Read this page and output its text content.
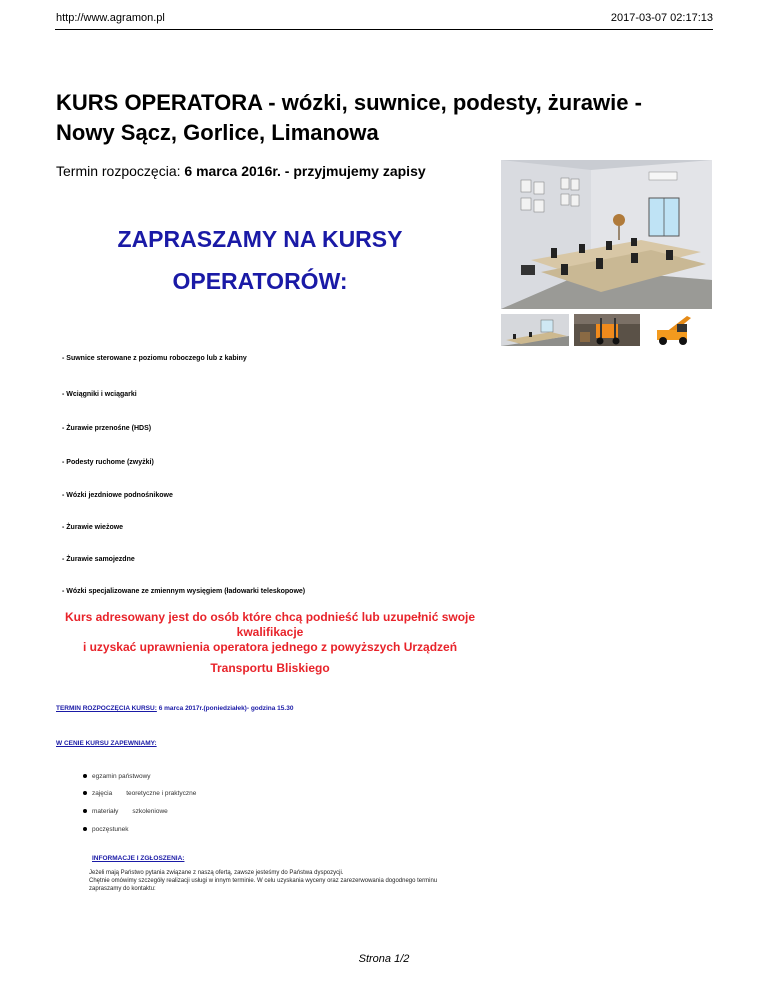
http://www.agramon.pl	2017-03-07 02:17:13
KURS OPERATORA - wózki, suwnice, podesty, żurawie -
Nowy Sącz, Gorlice, Limanowa
Termin rozpoczęcia: 6 marca 2016r. - przyjmujemy zapisy
ZAPRASZAMY NA KURSY
OPERATORÓW:
- Suwnice sterowane z poziomu roboczego lub z kabiny
- Wciągniki i wciągarki
- Żurawie przenośne (HDS)
- Podesty ruchome (zwyżki)
- Wózki jezdniowe podnośnikowe
- Żurawie wieżowe
- Żurawie samojezdne
- Wózki specjalizowane ze zmiennym wysięgiem (ładowarki teleskopowe)
Kurs adresowany jest do osób które chcą podnieść lub uzupełnić swoje
kwalifikacje
i uzyskać uprawnienia operatora jednego z powyższych Urządzeń
Transportu Bliskiego
TERMIN ROZPOCZĘCIA KURSU: 6 marca 2017r.(poniedziałek)- godzina 15.30
W CENIE KURSU ZAPEWNIAMY:
egzamin państwowy
zajęcia teoretyczne i praktyczne
materiały szkoleniowe
poczęstunek
INFORMACJE I ZGŁOSZENIA:
Jeżeli mają Państwo pytania związane z naszą ofertą, zawsze jesteśmy do Państwa dyspozycji.
Chętnie omówimy szczegóły realizacji usługi w innym terminie. W celu uzyskania wyceny oraz zarezerwowania dogodnego terminu
zapraszamy do kontaktu:
Strona 1/2
